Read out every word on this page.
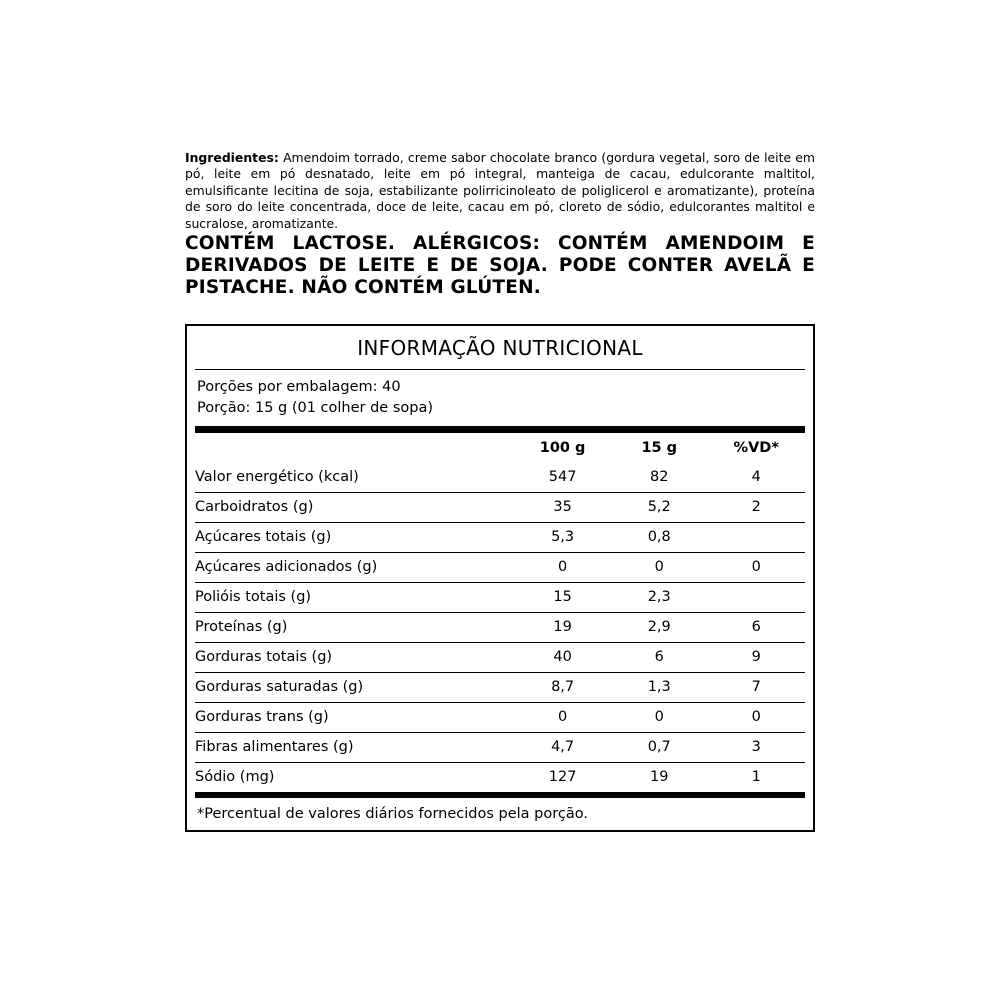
Ingredientes: Amendoim torrado, creme sabor chocolate branco (gordura vegetal, soro de leite em pó, leite em pó desnatado, leite em pó integral, manteiga de cacau, edulcorante maltitol, emulsificante lecitina de soja, estabilizante polirricinoleato de poliglicerol e aromatizante), proteína de soro do leite concentrada, doce de leite, cacau em pó, cloreto de sódio, edulcorantes maltitol e sucralose, aromatizante.
CONTÉM LACTOSE. ALÉRGICOS: CONTÉM AMENDOIM E DERIVADOS DE LEITE E DE SOJA. PODE CONTER AVELÃ E PISTACHE. NÃO CONTÉM GLÚTEN.
INFORMAÇÃO NUTRICIONAL
Porções por embalagem: 40
Porção: 15 g (01 colher de sopa)
	100 g	15 g	%VD*
Valor energético (kcal)	547	82	4
Carboidratos (g)	35	5,2	2
Açúcares totais (g)	5,3	0,8	
Açúcares adicionados (g)	0	0	0
Polióis totais (g)	15	2,3	
Proteínas (g)	19	2,9	6
Gorduras totais (g)	40	6	9
Gorduras saturadas (g)	8,7	1,3	7
Gorduras trans (g)	0	0	0
Fibras alimentares (g)	4,7	0,7	3
Sódio (mg)	127	19	1
*Percentual de valores diários fornecidos pela porção.
